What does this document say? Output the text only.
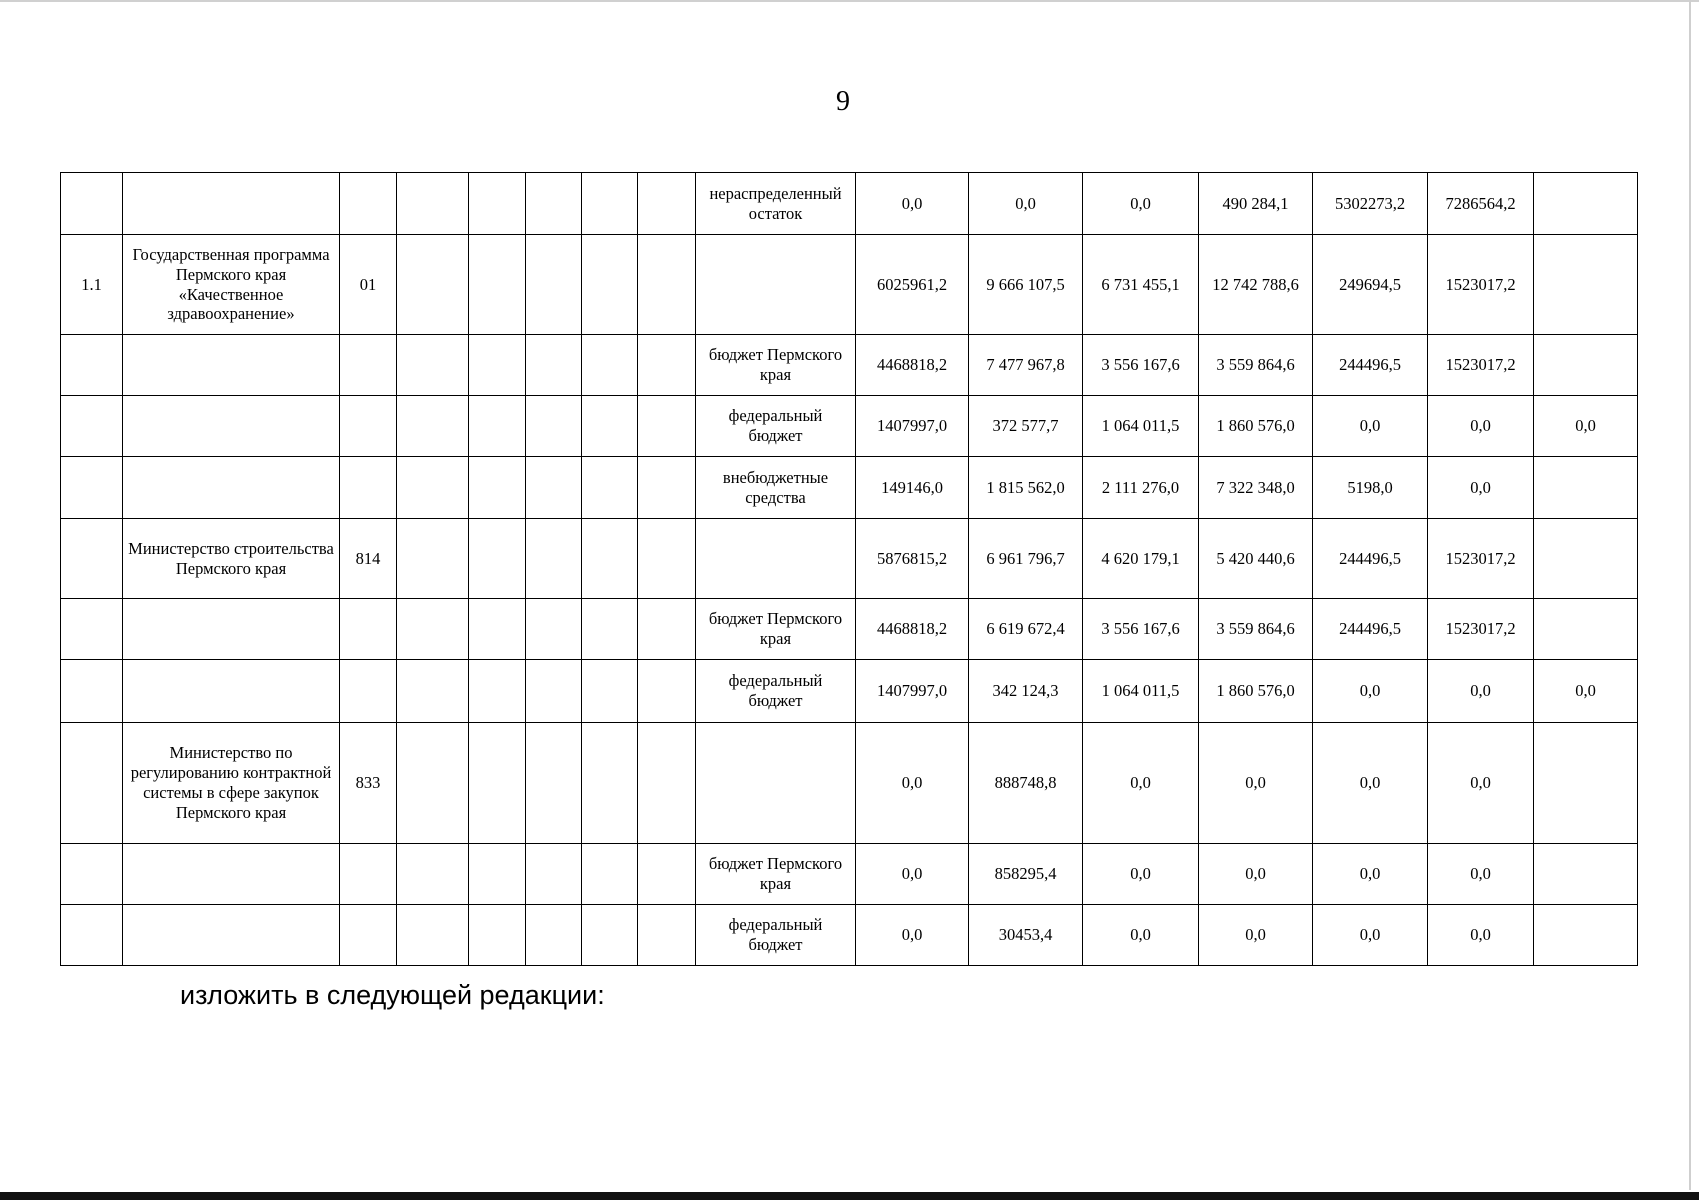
9
								нераспределенный остаток	0,0	0,0	0,0	490 284,1	5302273,2	7286564,2	
1.1	Государственная программа Пермского края «Качественное здравоохранение»	01							6025961,2	9 666 107,5	6 731 455,1	12 742 788,6	249694,5	1523017,2	
								бюджет Пермского края	4468818,2	7 477 967,8	3 556 167,6	3 559 864,6	244496,5	1523017,2	
								федеральный бюджет	1407997,0	372 577,7	1 064 011,5	1 860 576,0	0,0	0,0	0,0
								внебюджетные средства	149146,0	1 815 562,0	2 111 276,0	7 322 348,0	5198,0	0,0	
	Министерство строительства Пермского края	814							5876815,2	6 961 796,7	4 620 179,1	5 420 440,6	244496,5	1523017,2	
								бюджет Пермского края	4468818,2	6 619 672,4	3 556 167,6	3 559 864,6	244496,5	1523017,2	
								федеральный бюджет	1407997,0	342 124,3	1 064 011,5	1 860 576,0	0,0	0,0	0,0
	Министерство по регулированию контрактной системы в сфере закупок Пермского края	833							0,0	888748,8	0,0	0,0	0,0	0,0	
								бюджет Пермского края	0,0	858295,4	0,0	0,0	0,0	0,0	
								федеральный бюджет	0,0	30453,4	0,0	0,0	0,0	0,0	
изложить в следующей редакции:
